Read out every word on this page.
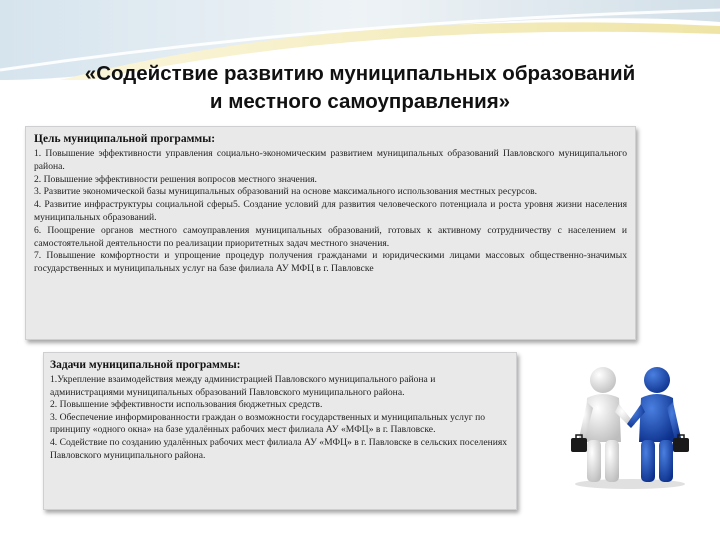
«Содействие развитию муниципальных образований
и местного самоуправления»
Цель муниципальной программы:
1. Повышение эффективности управления социально-экономическим развитием муниципальных образований Павловского муниципального района.
2. Повышение эффективности решения вопросов местного значения.
3. Развитие экономической базы муниципальных образований на основе максимального использования местных ресурсов.
4. Развитие инфраструктуры социальной сферы5. Создание условий для развития человеческого потенциала и роста уровня жизни населения муниципальных образований.
6. Поощрение органов местного самоуправления муниципальных образований, готовых к активному сотрудничеству с населением и самостоятельной деятельности по реализации приоритетных задач местного значения.
7. Повышение комфортности и упрощение процедур получения гражданами и юридическими лицами массовых общественно-значимых государственных и муниципальных услуг на базе филиала АУ МФЦ в г. Павловске
Задачи муниципальной программы:
1.Укрепление взаимодействия между администрацией Павловского муниципального района и администрациями муниципальных образований Павловского муниципального района.
2. Повышение эффективности использования бюджетных средств.
3. Обеспечение информированности граждан о возможности государственных и муниципальных услуг по принципу «одного окна» на базе удалённых рабочих мест филиала АУ «МФЦ» в г. Павловске.
4. Содействие по созданию удалённых рабочих мест филиала АУ «МФЦ» в г. Павловске в сельских поселениях Павловского муниципального района.
